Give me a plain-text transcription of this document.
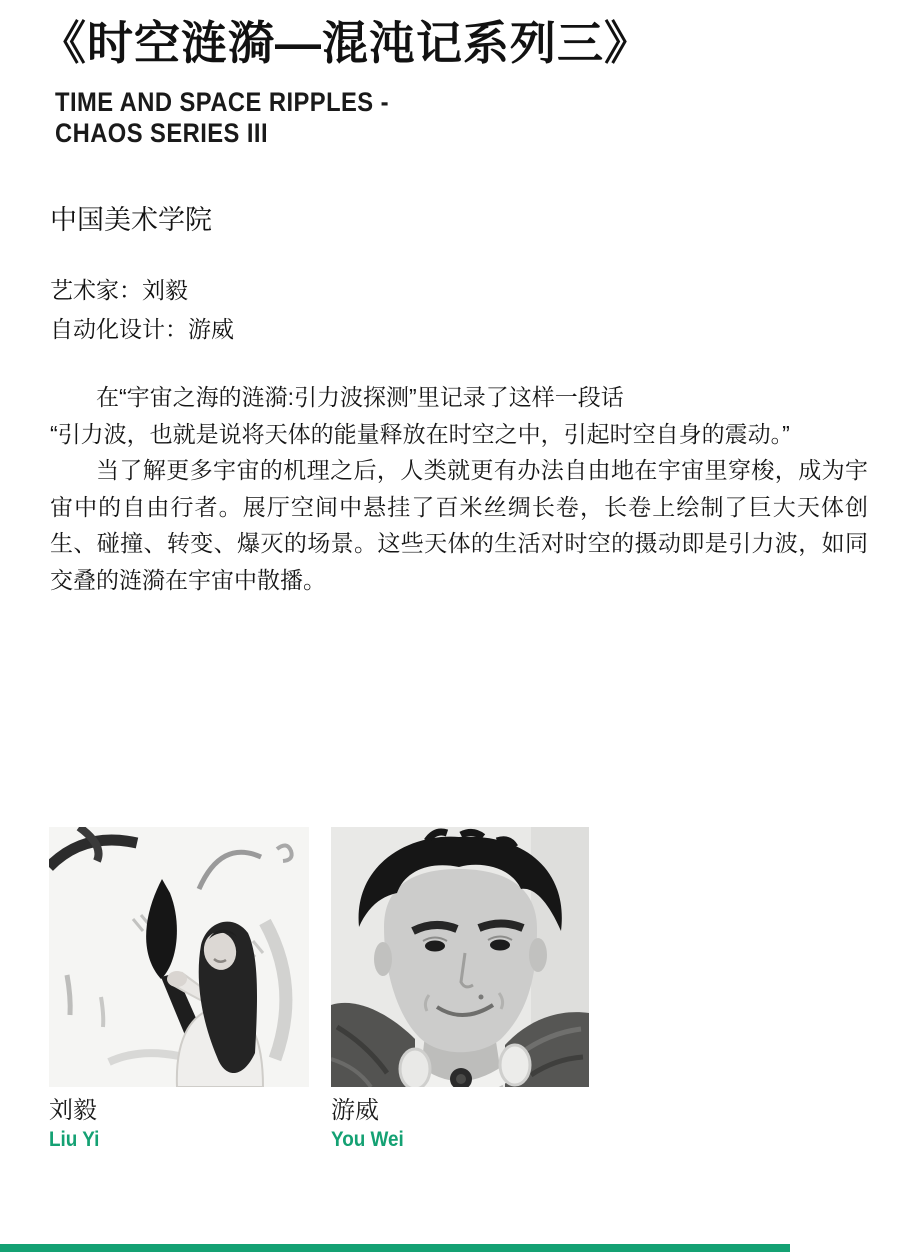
《时空涟漪—混沌记系列三》
TIME AND SPACE RIPPLES -
CHAOS SERIES III
中国美术学院
艺术家：刘毅
自动化设计：游威

在“宇宙之海的涟漪:引力波探测”里记录了这样一段话

“引力波，也就是说将天体的能量释放在时空之中，引起时空自身的震动。”

当了解更多宇宙的机理之后，人类就更有办法自由地在宇宙里穿梭，成为宇宙中的自由行者。展厅空间中悬挂了百米丝绸长卷，长卷上绘制了巨大天体创生、碰撞、转变、爆灭的场景。这些天体的生活对时空的摄动即是引力波，如同交叠的涟漪在宇宙中散播。

刘毅
Liu Yi
游威
You Wei
